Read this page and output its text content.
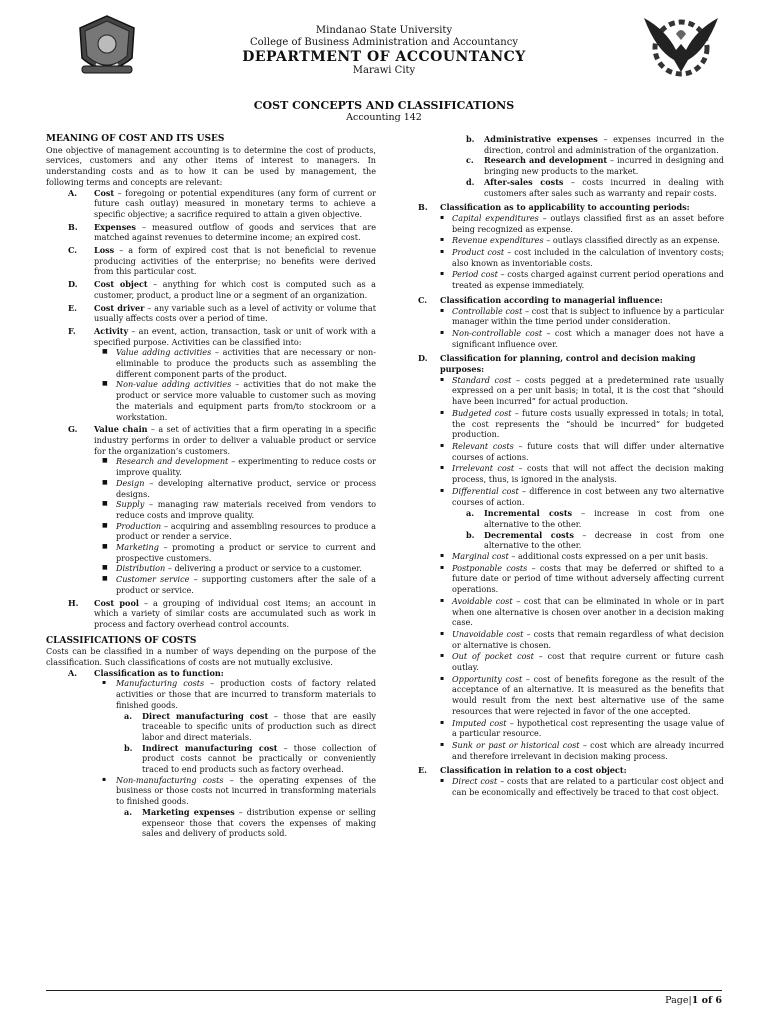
Mindanao State University
College of Business Administration and Accountancy
DEPARTMENT OF ACCOUNTANCY
Marawi City
COST CONCEPTS AND CLASSIFICATIONS
Accounting 142
MEANING OF COST AND ITS USES
One objective of management accounting is to determine the cost of products, services, customers and any other items of interest to managers. In understanding costs and as to how it can be used by management, the following terms and concepts are relevant:
A. Cost – foregoing or potential expenditures (any form of current or future cash outlay) measured in monetary terms to achieve a specific objective; a sacrifice required to attain a given objective.
B. Expenses – measured outflow of goods and services that are matched against revenues to determine income; an expired cost.
C. Loss – a form of expired cost that is not beneficial to revenue producing activities of the enterprise; no benefits were derived from this particular cost.
D. Cost object – anything for which cost is computed such as a customer, product, a product line or a segment of an organization.
E. Cost driver – any variable such as a level of activity or volume that usually affects costs over a period of time.
F. Activity – an event, action, transaction, task or unit of work with a specified purpose. Activities can be classified into:
■ Value adding activities – activities that are necessary or non-eliminable to produce the products such as assembling the different component parts of the product.
■ Non-value adding activities – activities that do not make the product or service more valuable to customer such as moving the materials and equipment parts from/to stockroom or a workstation.
G. Value chain – a set of activities that a firm operating in a specific industry performs in order to deliver a valuable product or service for the organization’s customers.
■ Research and development – experimenting to reduce costs or improve quality.
■ Design – developing alternative product, service or process designs.
■ Supply – managing raw materials received from vendors to reduce costs and improve quality.
■ Production – acquiring and assembling resources to produce a product or render a service.
■ Marketing – promoting a product or service to current and prospective customers.
■ Distribution – delivering a product or service to a customer.
■ Customer service – supporting customers after the sale of a product or service.
H. Cost pool – a grouping of individual cost items; an account in which a variety of similar costs are accumulated such as work in process and factory overhead control accounts.
CLASSIFICATIONS OF COSTS
Costs can be classified in a number of ways depending on the purpose of the classification. Such classifications of costs are not mutually exclusive.
A. Classification as to function:
▪ Manufacturing costs – production costs of factory related activities or those that are incurred to transform materials to finished goods.
a. Direct manufacturing cost – those that are easily traceable to specific units of production such as direct labor and direct materials.
b. Indirect manufacturing cost – those collection of product costs cannot be practically or conveniently traced to end products such as factory overhead.
▪ Non-manufacturing costs – the operating expenses of the business or those costs not incurred in transforming materials to finished goods.
a. Marketing expenses – distribution expense or selling expenseor those that covers the expenses of making sales and delivery of products sold.
b. Administrative expenses – expenses incurred in the direction, control and administration of the organization.
c. Research and development – incurred in designing and bringing new products to the market.
d. After-sales costs – costs incurred in dealing with customers after sales such as warranty and repair costs.
B. Classification as to applicability to accounting periods:
▪ Capital expenditures – outlays classified first as an asset before being recognized as expense.
▪ Revenue expenditures – outlays classified directly as an expense.
▪ Product cost – cost included in the calculation of inventory costs; also known as inventoriable costs.
▪ Period cost – costs charged against current period operations and treated as expense immediately.
C. Classification according to managerial influence:
▪ Controllable cost – cost that is subject to influence by a particular manager within the time period under consideration.
▪ Non-controllable cost – cost which a manager does not have a significant influence over.
D. Classification for planning, control and decision making purposes:
▪ Standard cost – costs pegged at a predetermined rate usually expressed on a per unit basis; in total, it is the cost that “should have been incurred” for actual production.
▪ Budgeted cost – future costs usually expressed in totals; in total, the cost represents the “should be incurred” for budgeted production.
▪ Relevant costs – future costs that will differ under alternative courses of actions.
▪ Irrelevant cost – costs that will not affect the decision making process, thus, is ignored in the analysis.
▪ Differential cost – difference in cost between any two alternative courses of action.
a. Incremental costs – increase in cost from one alternative to the other.
b. Decremental costs – decrease in cost from one alternative to the other.
▪ Marginal cost – additional costs expressed on a per unit basis.
▪ Postponable costs – costs that may be deferred or shifted to a future date or period of time without adversely affecting current operations.
▪ Avoidable cost – cost that can be eliminated in whole or in part when one alternative is chosen over another in a decision making case.
▪ Unavoidable cost – costs that remain regardless of what decision or alternative is chosen.
▪ Out of pocket cost – cost that require current or future cash outlay.
▪ Opportunity cost – cost of benefits foregone as the result of the acceptance of an alternative. It is measured as the benefits that would result from the next best alternative use of the same resources that were rejected in favor of the one accepted.
▪ Imputed cost – hypothetical cost representing the usage value of a particular resource.
▪ Sunk or past or historical cost – cost which are already incurred and therefore irrelevant in decision making process.
E. Classification in relation to a cost object:
▪ Direct cost – costs that are related to a particular cost object and can be economically and effectively be traced to that cost object.
Page|1 of 6
